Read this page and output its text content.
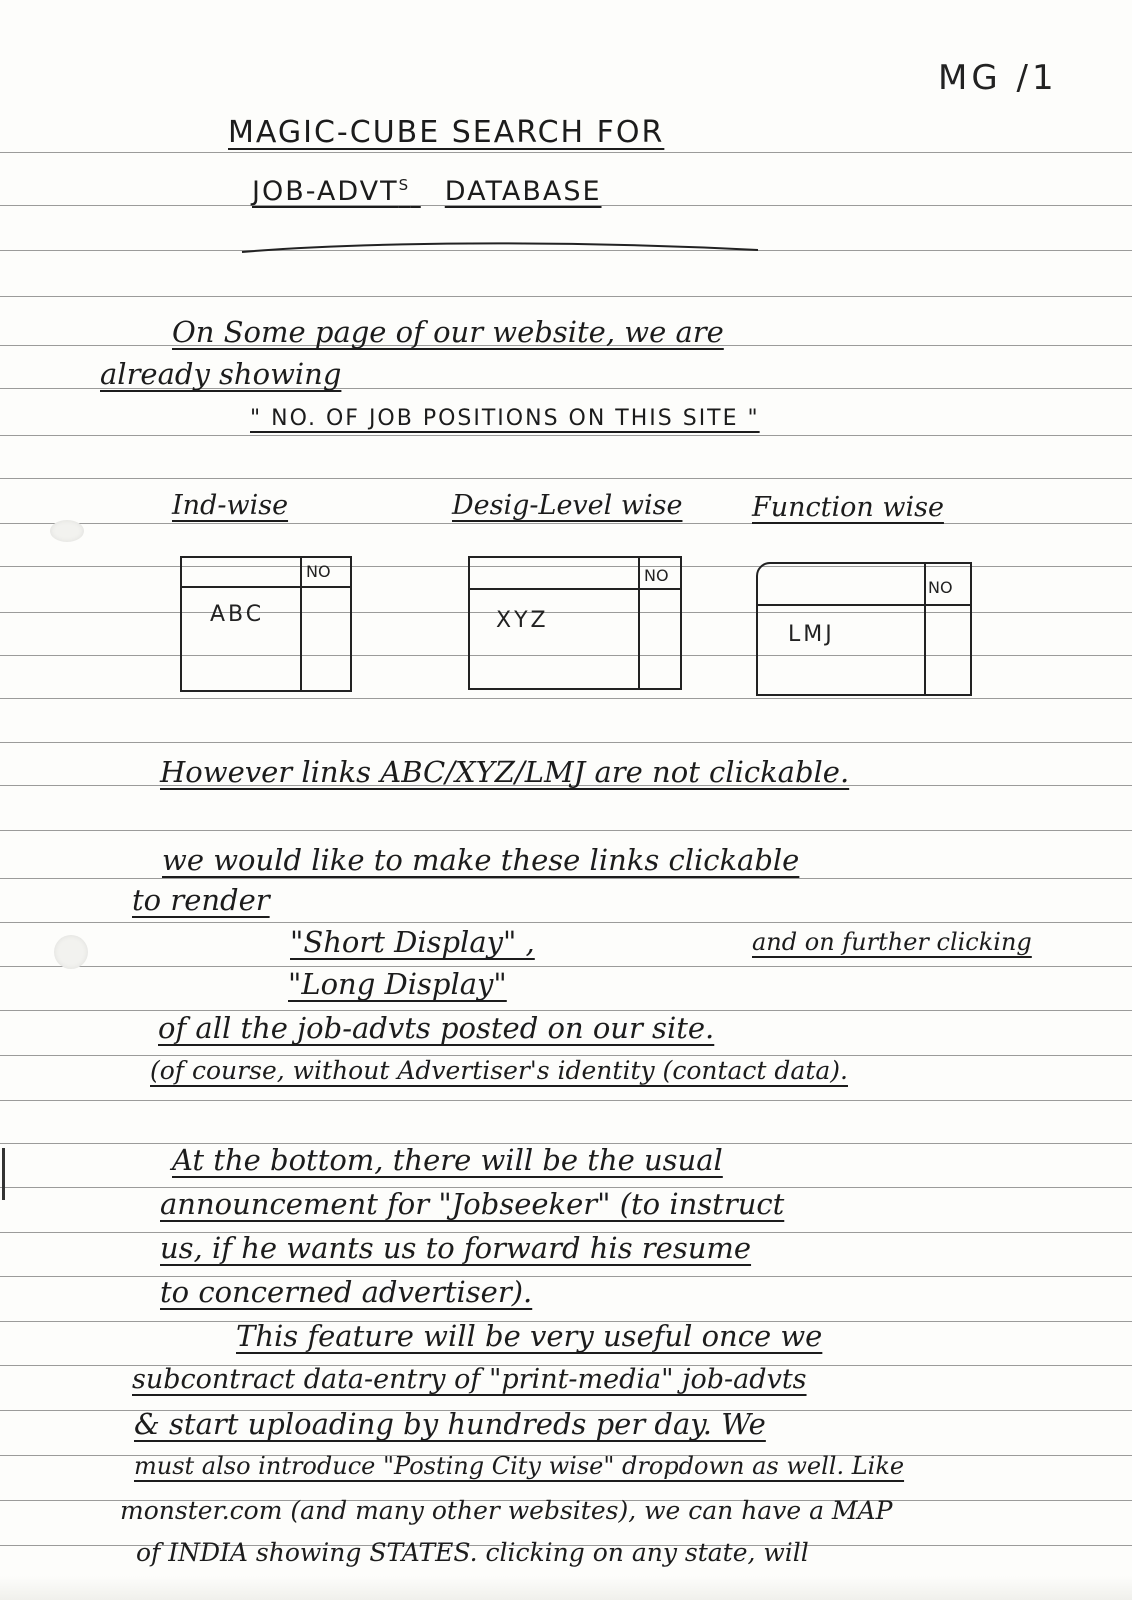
MG /1
MAGIC-CUBE SEARCH FOR
JOB-$ADVT^S$ DATABASE
On Some page of our website, we are
already showing
" NO. OF JOB POSITIONS ON THIS SITE "
Ind-wise	Desig-Level wise	Function wise
NO
ABC
NO
XYZ
NO
LMJ
However links ABC/XYZ/LMJ are not clickable.
we would like to make these links clickable
to render
"Short Display" ,	and on further clicking
"Long Display"
of all the job-advts posted on our site.
(of course, without Advertiser's identity (contact data).
At the bottom, there will be the usual
announcement for "Jobseeker" (to instruct
us, if he wants us to forward his resume
to concerned advertiser).
This feature will be very useful once we
subcontract data-entry of "print-media" job-advts
& start uploading by hundreds per day. We
must also introduce "Posting City wise" dropdown as well. Like
monster.com (and many other websites), we can have a MAP
of INDIA showing STATES. clicking on any state, will
